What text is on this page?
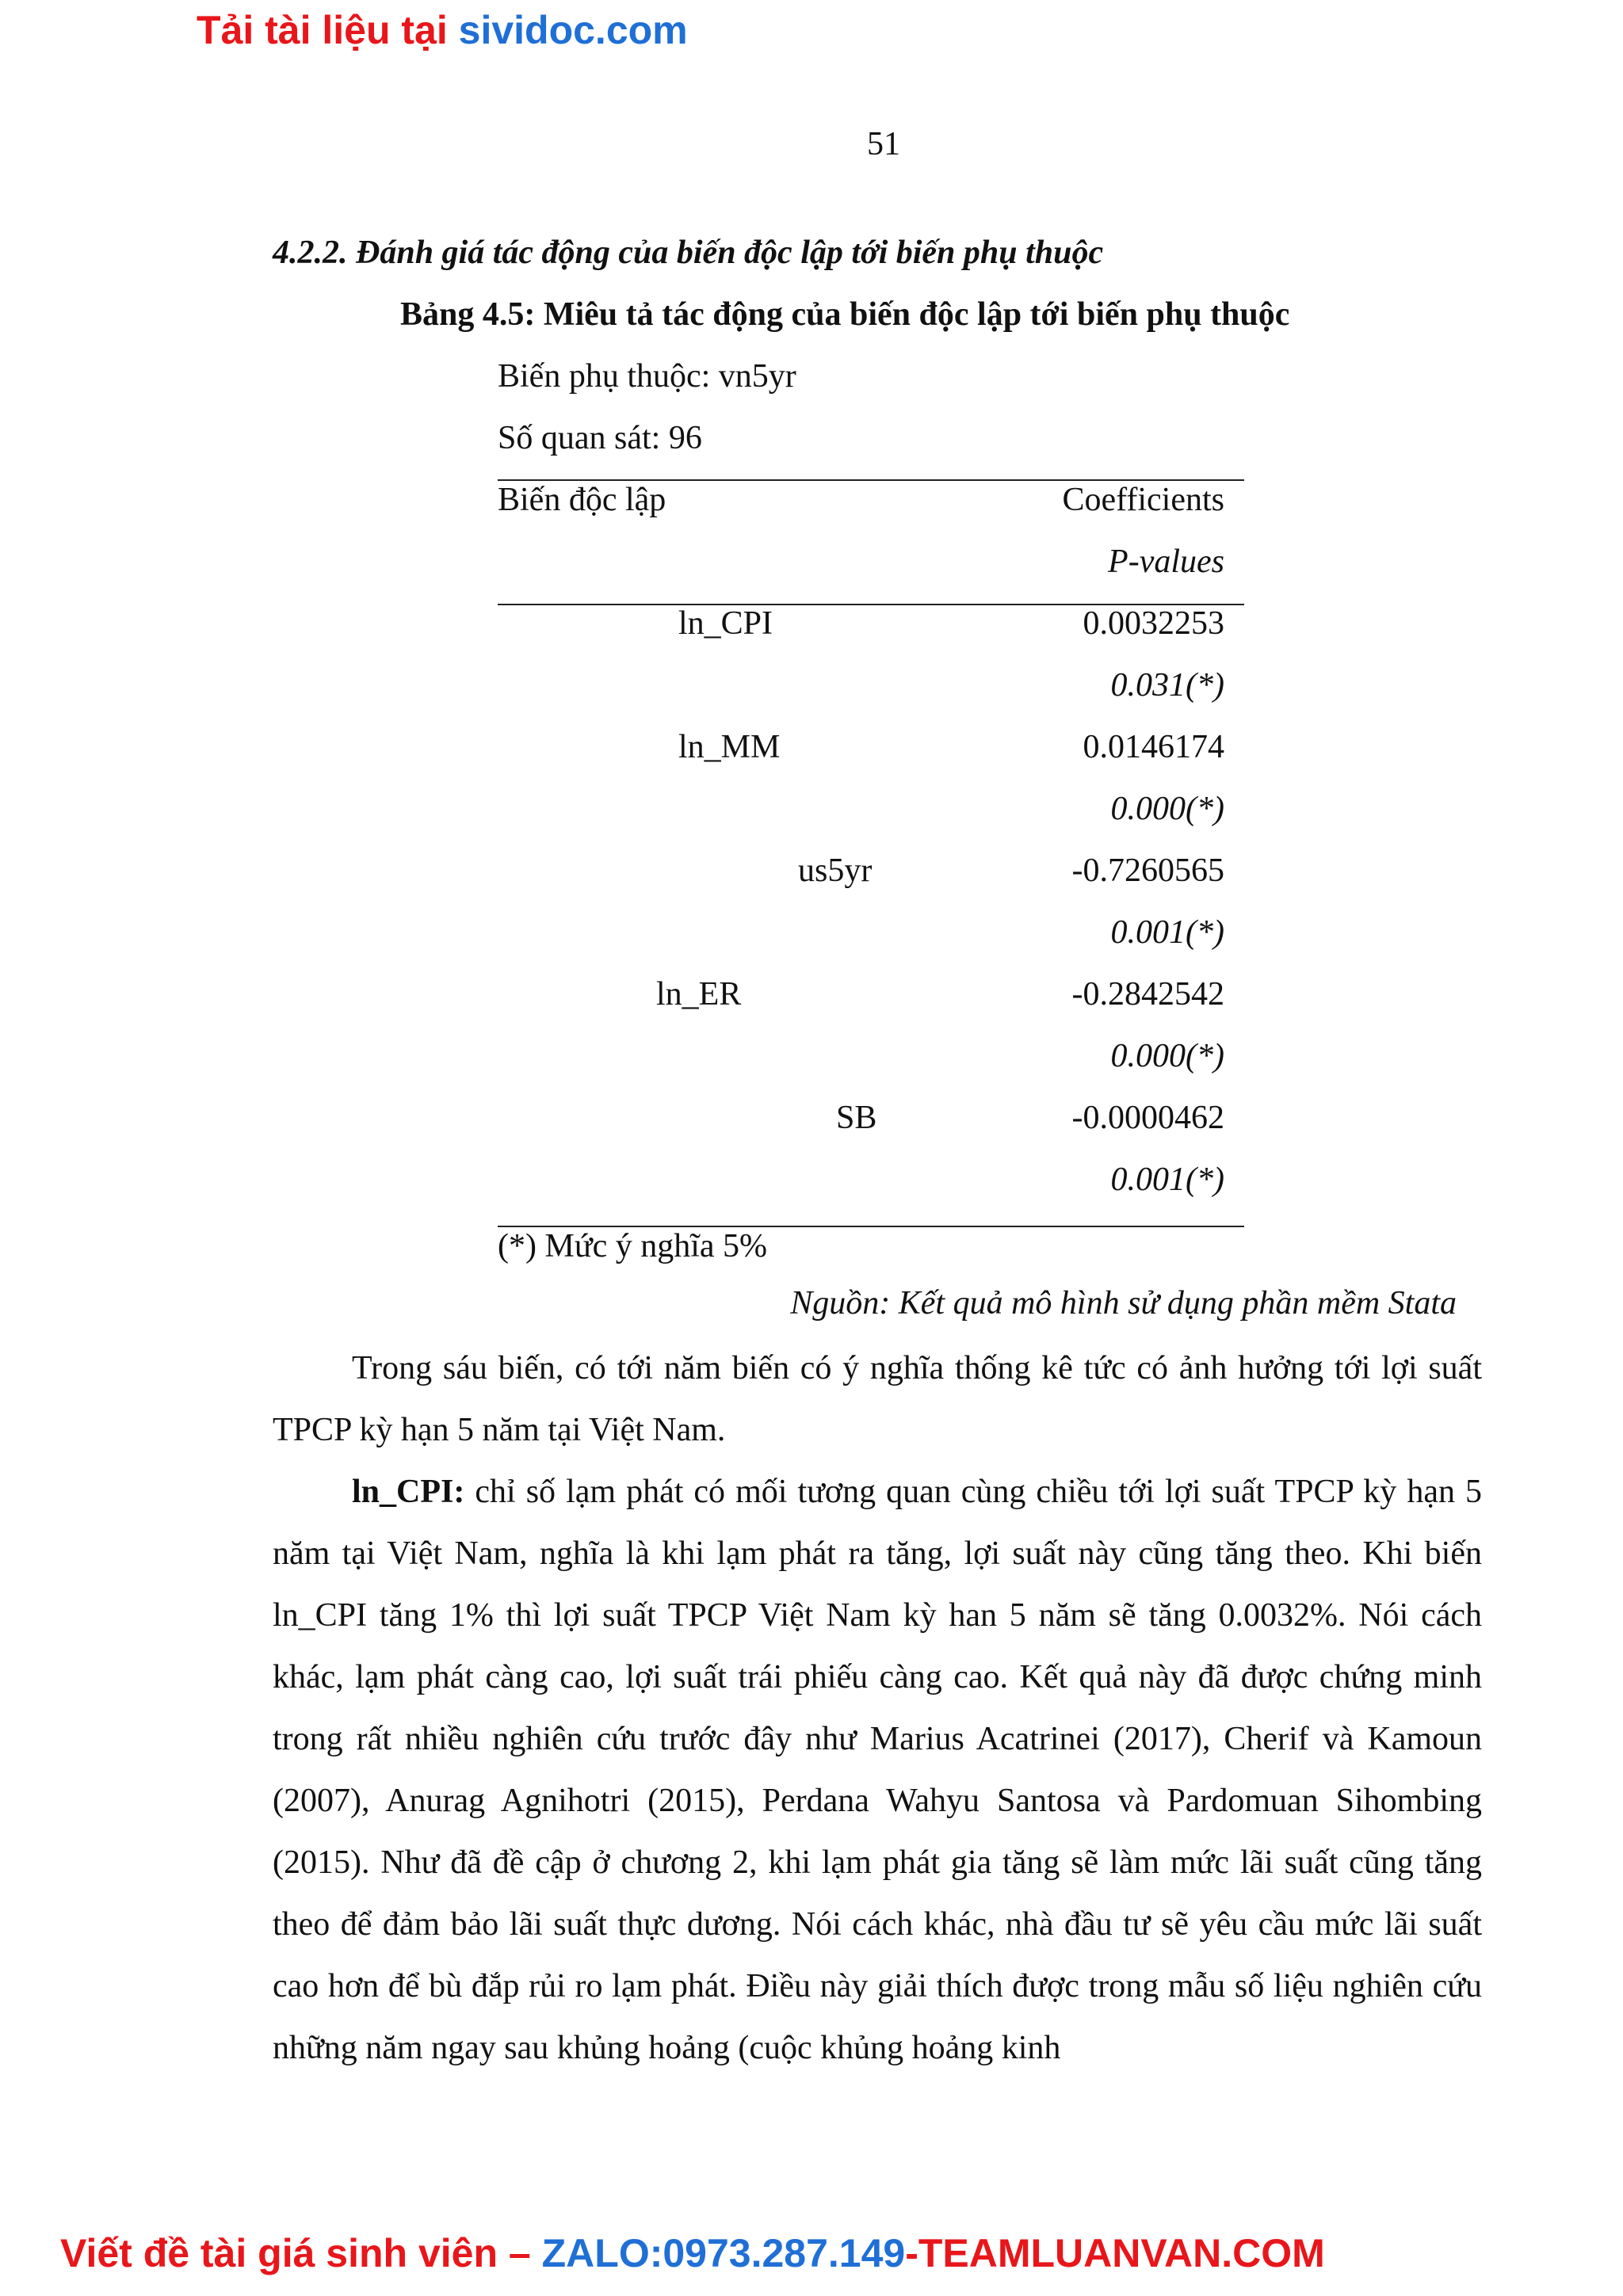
Tải tài liệu tại sividoc.com
51
4.2.2. Đánh giá tác động của biến độc lập tới biến phụ thuộc
Bảng 4.5: Miêu tả tác động của biến độc lập tới biến phụ thuộc
Biến phụ thuộc: vn5yr
Số quan sát: 96
Biến độc lập	Coefficients
P-values
ln_CPI	0.0032253
0.031(*)
ln_MM	0.0146174
0.000(*)
us5yr	-0.7260565
0.001(*)
ln_ER	-0.2842542
0.000(*)
SB	-0.0000462
0.001(*)
(*) Mức ý nghĩa 5%
Nguồn: Kết quả mô hình sử dụng phần mềm Stata
Trong sáu biến, có tới năm biến có ý nghĩa thống kê tức có ảnh hưởng tới lợi suất TPCP kỳ hạn 5 năm tại Việt Nam.
ln_CPI: chỉ số lạm phát có mối tương quan cùng chiều tới lợi suất TPCP kỳ hạn 5 năm tại Việt Nam, nghĩa là khi lạm phát ra tăng, lợi suất này cũng tăng theo. Khi biến ln_CPI tăng 1% thì lợi suất TPCP Việt Nam kỳ han 5 năm sẽ tăng 0.0032%. Nói cách khác, lạm phát càng cao, lợi suất trái phiếu càng cao. Kết quả này đã được chứng minh trong rất nhiều nghiên cứu trước đây như Marius Acatrinei (2017), Cherif và Kamoun (2007), Anurag Agnihotri (2015), Perdana Wahyu Santosa và Pardomuan Sihombing (2015). Như đã đề cập ở chương 2, khi lạm phát gia tăng sẽ làm mức lãi suất cũng tăng theo để đảm bảo lãi suất thực dương. Nói cách khác, nhà đầu tư sẽ yêu cầu mức lãi suất cao hơn để bù đắp rủi ro lạm phát. Điều này giải thích được trong mẫu số liệu nghiên cứu những năm ngay sau khủng hoảng (cuộc khủng hoảng kinh
Viết đề tài giá sinh viên – ZALO:0973.287.149-TEAMLUANVAN.COM
